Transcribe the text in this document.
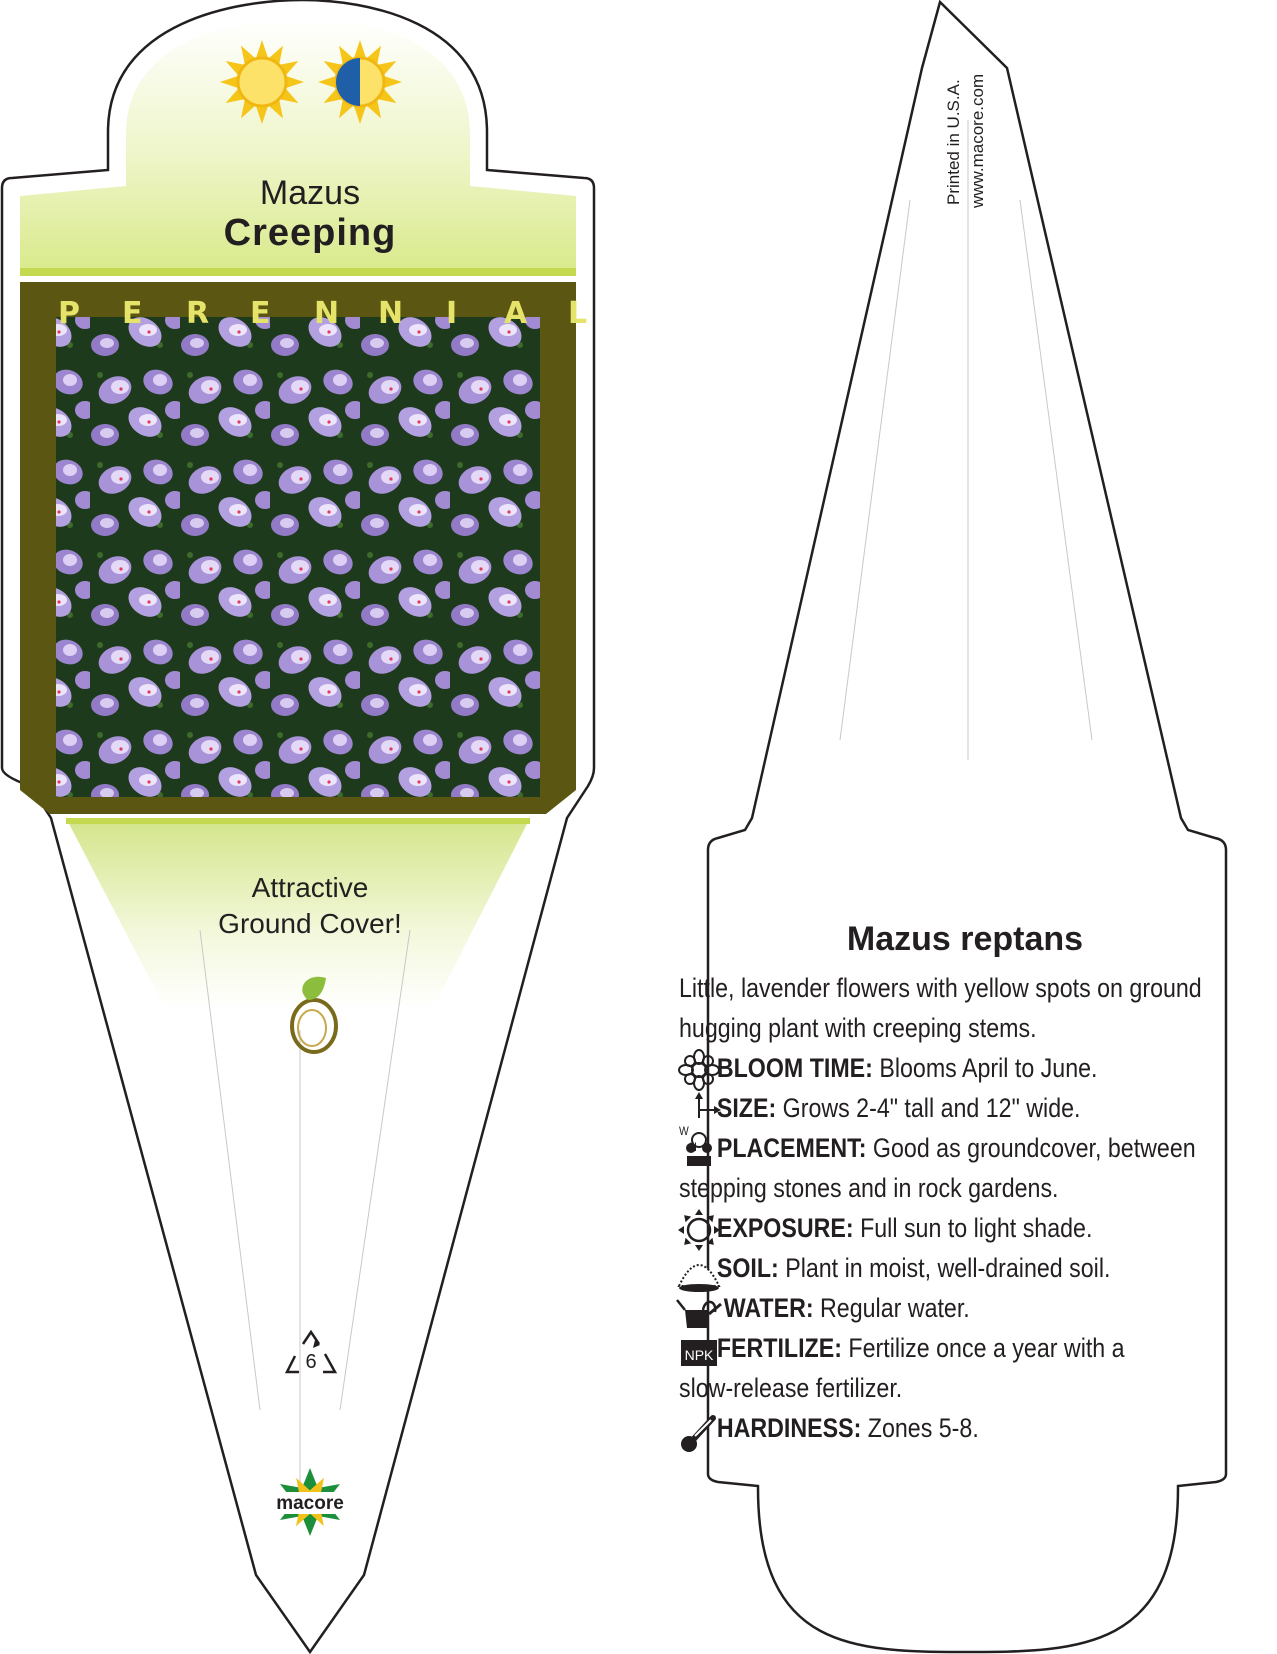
NPK
Mazus
Creeping
P E R E N N I A L
Attractive
Ground Cover!
6
macore
Printed in U.S.A. www.macore.com
Mazus reptans
Little, lavender flowers with yellow spots on ground
hugging plant with creeping stems.
BLOOM TIME: Blooms April to June.
W
H
SIZE: Grows 2-4" tall and 12" wide.
PLACEMENT: Good as groundcover, between
stepping stones and in rock gardens.
EXPOSURE: Full sun to light shade.
SOIL: Plant in moist, well-drained soil.
WATER: Regular water.
FERTILIZE: Fertilize once a year with a
slow-release fertilizer.
HARDINESS: Zones 5-8.
